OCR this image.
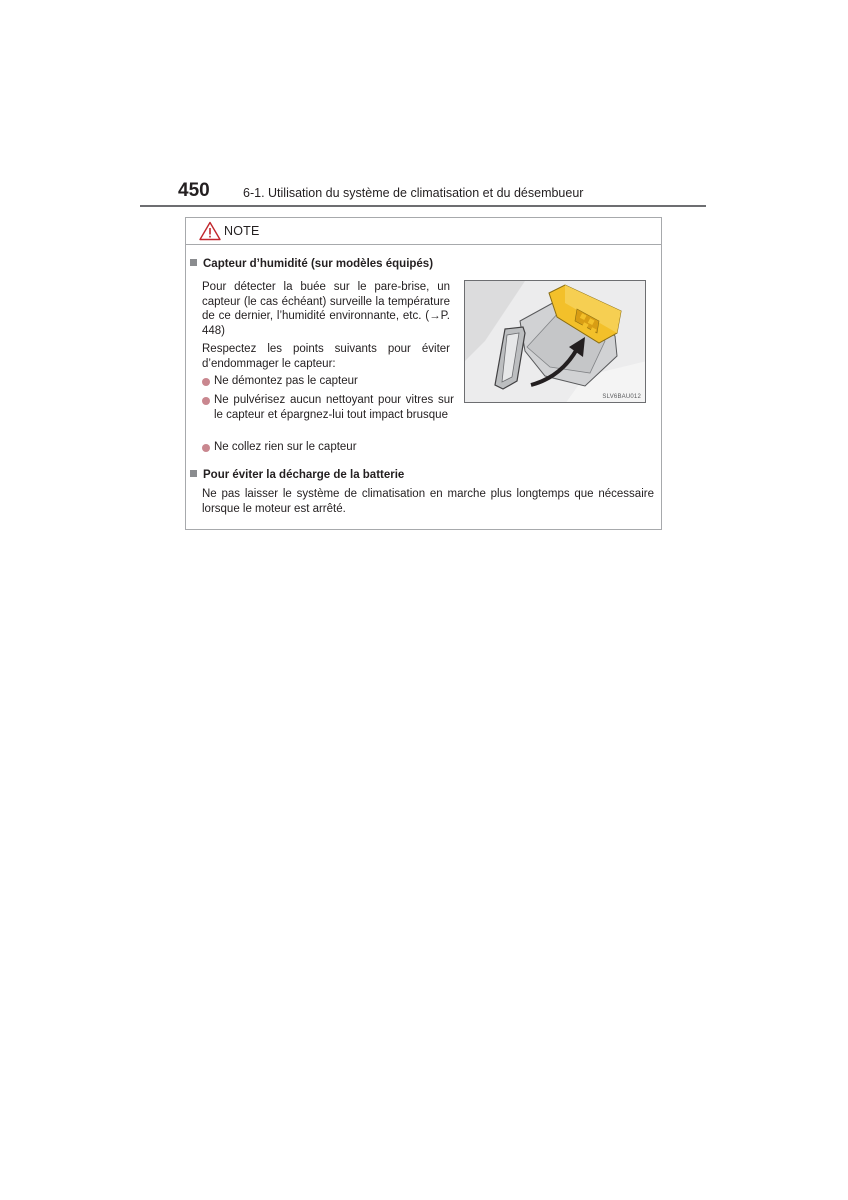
450	6-1. Utilisation du système de climatisation et du désembueur
NOTE
Capteur d’humidité (sur modèles équipés)
Pour détecter la buée sur le pare-brise, un capteur (le cas échéant) surveille la température de ce dernier, l’humidité environnante, etc. (→P. 448)
Respectez les points suivants pour éviter d’endommager le capteur:
Ne démontez pas le capteur
Ne pulvérisez aucun nettoyant pour vitres sur le capteur et épargnez-lui tout impact brusque
Ne collez rien sur le capteur
SLV6BAU012
Pour éviter la décharge de la batterie
Ne pas laisser le système de climatisation en marche plus longtemps que nécessaire lorsque le moteur est arrêté.
